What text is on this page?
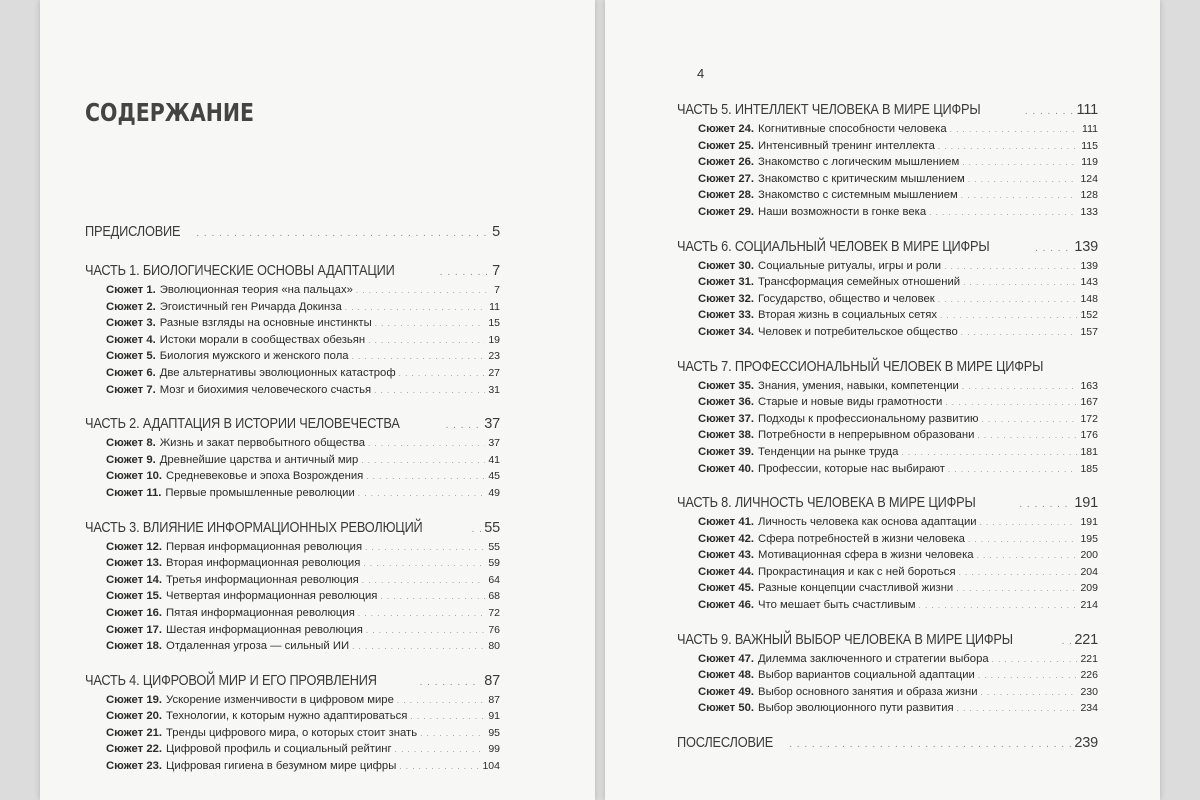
СОДЕРЖАНИЕ
ПРЕДИСЛОВИЕ . . .	5
ЧАСТЬ 1. БИОЛОГИЧЕСКИЕ ОСНОВЫ АДАПТАЦИИ . . .	7
Сюжет 1. Эволюционная теория «на пальцах» . . .	7
Сюжет 2. Эгоистичный ген Ричарда Докинза . . .	11
Сюжет 3. Разные взгляды на основные инстинкты . . .	15
Сюжет 4. Истоки морали в сообществах обезьян . . .	19
Сюжет 5. Биология мужского и женского пола . . .	23
Сюжет 6. Две альтернативы эволюционных катастроф . . .	27
Сюжет 7. Мозг и биохимия человеческого счастья . . .	31
ЧАСТЬ 2. АДАПТАЦИЯ В ИСТОРИИ ЧЕЛОВЕЧЕСТВА . . .	37
Сюжет 8. Жизнь и закат первобытного общества . . .	37
Сюжет 9. Древнейшие царства и античный мир . . .	41
Сюжет 10. Средневековье и эпоха Возрождения . . .	45
Сюжет 11. Первые промышленные революции . . .	49
ЧАСТЬ 3. ВЛИЯНИЕ ИНФОРМАЦИОННЫХ РЕВОЛЮЦИЙ . . .	55
Сюжет 12. Первая информационная революция . . .	55
Сюжет 13. Вторая информационная революция . . .	59
Сюжет 14. Третья информационная революция . . .	64
Сюжет 15. Четвертая информационная революция . . .	68
Сюжет 16. Пятая информационная революция . . .	72
Сюжет 17. Шестая информационная революция . . .	76
Сюжет 18. Отдаленная угроза — сильный ИИ . . .	80
ЧАСТЬ 4. ЦИФРОВОЙ МИР И ЕГО ПРОЯВЛЕНИЯ . . .	87
Сюжет 19. Ускорение изменчивости в цифровом мире . . .	87
Сюжет 20. Технологии, к которым нужно адаптироваться . . .	91
Сюжет 21. Тренды цифрового мира, о которых стоит знать . . .	95
Сюжет 22. Цифровой профиль и социальный рейтинг . . .	99
Сюжет 23. Цифровая гигиена в безумном мире цифры . . .	104
4
ЧАСТЬ 5. ИНТЕЛЛЕКТ ЧЕЛОВЕКА В МИРЕ ЦИФРЫ . . .	111
Сюжет 24. Когнитивные способности человека . . .	111
Сюжет 25. Интенсивный тренинг интеллекта . . .	115
Сюжет 26. Знакомство с логическим мышлением . . .	119
Сюжет 27. Знакомство с критическим мышлением . . .	124
Сюжет 28. Знакомство с системным мышлением . . .	128
Сюжет 29. Наши возможности в гонке века . . .	133
ЧАСТЬ 6. СОЦИАЛЬНЫЙ ЧЕЛОВЕК В МИРЕ ЦИФРЫ . . .	139
Сюжет 30. Социальные ритуалы, игры и роли . . .	139
Сюжет 31. Трансформация семейных отношений . . .	143
Сюжет 32. Государство, общество и человек . . .	148
Сюжет 33. Вторая жизнь в социальных сетях . . .	152
Сюжет 34. Человек и потребительское общество . . .	157
ЧАСТЬ 7. ПРОФЕССИОНАЛЬНЫЙ ЧЕЛОВЕК В МИРЕ ЦИФРЫ
Сюжет 35. Знания, умения, навыки, компетенции . . .	163
Сюжет 36. Старые и новые виды грамотности . . .	167
Сюжет 37. Подходы к профессиональному развитию . . .	172
Сюжет 38. Потребности в непрерывном образовани . . .	176
Сюжет 39. Тенденции на рынке труда . . .	181
Сюжет 40. Профессии, которые нас выбирают . . .	185
ЧАСТЬ 8. ЛИЧНОСТЬ ЧЕЛОВЕКА В МИРЕ ЦИФРЫ . . .	191
Сюжет 41. Личность человека как основа адаптации . . .	191
Сюжет 42. Сфера потребностей в жизни человека . . .	195
Сюжет 43. Мотивационная сфера в жизни человека . . .	200
Сюжет 44. Прокрастинация и как с ней бороться . . .	204
Сюжет 45. Разные концепции счастливой жизни . . .	209
Сюжет 46. Что мешает быть счастливым . . .	214
ЧАСТЬ 9. ВАЖНЫЙ ВЫБОР ЧЕЛОВЕКА В МИРЕ ЦИФРЫ . . .	221
Сюжет 47. Дилемма заключенного и стратегии выбора . . .	221
Сюжет 48. Выбор вариантов социальной адаптации . . .	226
Сюжет 49. Выбор основного занятия и образа жизни . . .	230
Сюжет 50. Выбор эволюционного пути развития . . .	234
ПОСЛЕСЛОВИЕ . . .	239
